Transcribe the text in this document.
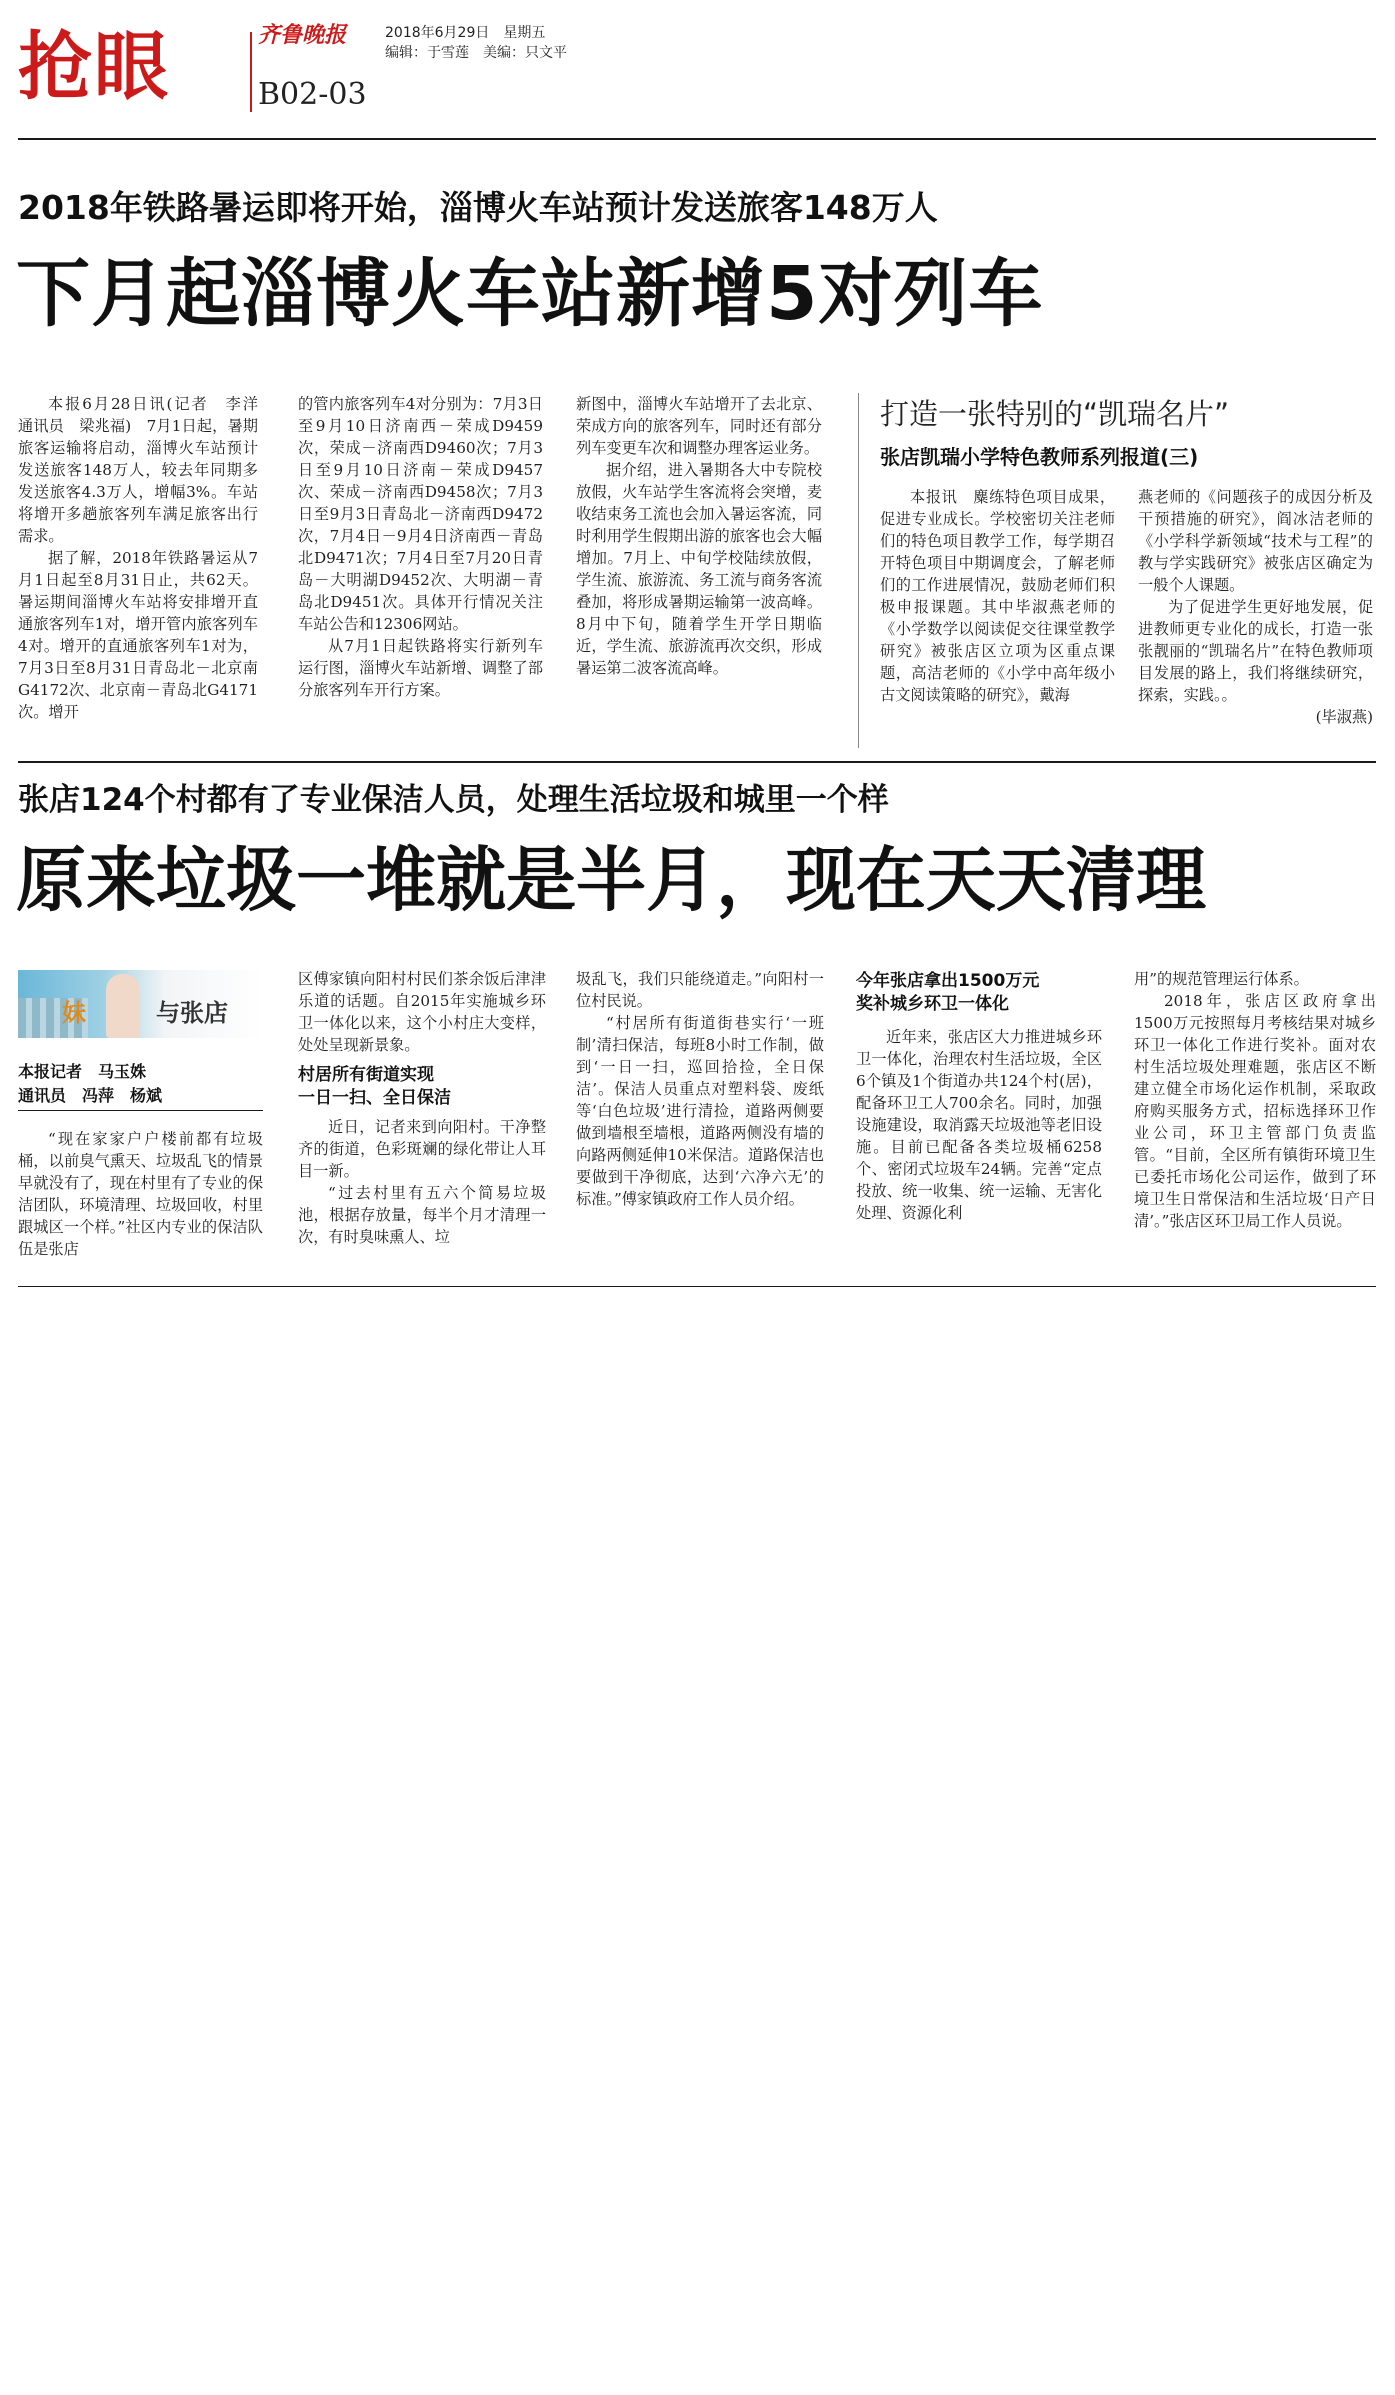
抢眼	齐鲁晚报	2018年6月29日　星期五
编辑：于雪莲　美编：只文平
B02-03
2018年铁路暑运即将开始，淄博火车站预计发送旅客148万人
下月起淄博火车站新增5对列车

本报6月28日讯(记者　李洋　通讯员　梁兆福)　7月1日起，暑期旅客运输将启动，淄博火车站预计发送旅客148万人，较去年同期多发送旅客4.3万人，增幅3%。车站将增开多趟旅客列车满足旅客出行需求。

据了解，2018年铁路暑运从7月1日起至8月31日止，共62天。暑运期间淄博火车站将安排增开直通旅客列车1对，增开管内旅客列车4对。增开的直通旅客列车1对为，7月3日至8月31日青岛北－北京南G4172次、北京南－青岛北G4171次。增开

的管内旅客列车4对分别为：7月3日至9月10日济南西－荣成D9459次，荣成－济南西D9460次；7月3日至9月10日济南－荣成D9457次、荣成－济南西D9458次；7月3日至9月3日青岛北－济南西D9472次，7月4日－9月4日济南西－青岛北D9471次；7月4日至7月20日青岛－大明湖D9452次、大明湖－青岛北D9451次。具体开行情况关注车站公告和12306网站。

从7月1日起铁路将实行新列车运行图，淄博火车站新增、调整了部分旅客列车开行方案。

新图中，淄博火车站增开了去北京、荣成方向的旅客列车，同时还有部分列车变更车次和调整办理客运业务。

据介绍，进入暑期各大中专院校放假，火车站学生客流将会突增，麦收结束务工流也会加入暑运客流，同时利用学生假期出游的旅客也会大幅增加。7月上、中旬学校陆续放假，学生流、旅游流、务工流与商务客流叠加，将形成暑期运输第一波高峰。8月中下旬，随着学生开学日期临近，学生流、旅游流再次交织，形成暑运第二波客流高峰。

打造一张特别的“凯瑞名片”
张店凯瑞小学特色教师系列报道(三)

本报讯　麋练特色项目成果，促进专业成长。学校密切关注老师们的特色项目教学工作，每学期召开特色项目中期调度会，了解老师们的工作进展情况，鼓励老师们积极申报课题。其中毕淑燕老师的《小学数学以阅读促交往课堂教学研究》被张店区立项为区重点课题，高洁老师的《小学中高年级小古文阅读策略的研究》，戴海

燕老师的《问题孩子的成因分析及干预措施的研究》，阎冰洁老师的《小学科学新领域“技术与工程”的教与学实践研究》被张店区确定为一般个人课题。

为了促进学生更好地发展，促进教师更专业化的成长，打造一张张靓丽的“凯瑞名片”在特色教师项目发展的路上，我们将继续研究，探索，实践。。

(毕淑燕)

张店124个村都有了专业保洁人员，处理生活垃圾和城里一个样
原来垃圾一堆就是半月，现在天天清理
妹	与张店
本报记者　马玉姝
通讯员　冯萍　杨斌

“现在家家户户楼前都有垃圾桶，以前臭气熏天、垃圾乱飞的情景早就没有了，现在村里有了专业的保洁团队，环境清理、垃圾回收，村里跟城区一个样。”社区内专业的保洁队伍是张店

区傅家镇向阳村村民们茶余饭后津津乐道的话题。自2015年实施城乡环卫一体化以来，这个小村庄大变样，处处呈现新景象。

村居所有街道实现
一日一扫、全日保洁

近日，记者来到向阳村。干净整齐的街道，色彩斑斓的绿化带让人耳目一新。

“过去村里有五六个简易垃圾池，根据存放量，每半个月才清理一次，有时臭味熏人、垃

圾乱飞，我们只能绕道走。”向阳村一位村民说。

“村居所有街道街巷实行‘一班制’清扫保洁，每班8小时工作制，做到‘一日一扫，巡回拾捡，全日保洁’。保洁人员重点对塑料袋、废纸等‘白色垃圾’进行清捡，道路两侧要做到墙根至墙根，道路两侧没有墙的向路两侧延伸10米保洁。道路保洁也要做到干净彻底，达到‘六净六无’的标准。”傅家镇政府工作人员介绍。

今年张店拿出1500万元
奖补城乡环卫一体化

近年来，张店区大力推进城乡环卫一体化，治理农村生活垃圾，全区6个镇及1个街道办共124个村(居)，配备环卫工人700余名。同时，加强设施建设，取消露天垃圾池等老旧设施。目前已配备各类垃圾桶6258个、密闭式垃圾车24辆。完善“定点投放、统一收集、统一运输、无害化处理、资源化利

用”的规范管理运行体系。

2018年，张店区政府拿出1500万元按照每月考核结果对城乡环卫一体化工作进行奖补。面对农村生活垃圾处理难题，张店区不断建立健全市场化运作机制，采取政府购买服务方式，招标选择环卫作业公司，环卫主管部门负责监管。“目前，全区所有镇街环境卫生已委托市场化公司运作，做到了环境卫生日常保洁和生活垃圾‘日产日清’。”张店区环卫局工作人员说。
